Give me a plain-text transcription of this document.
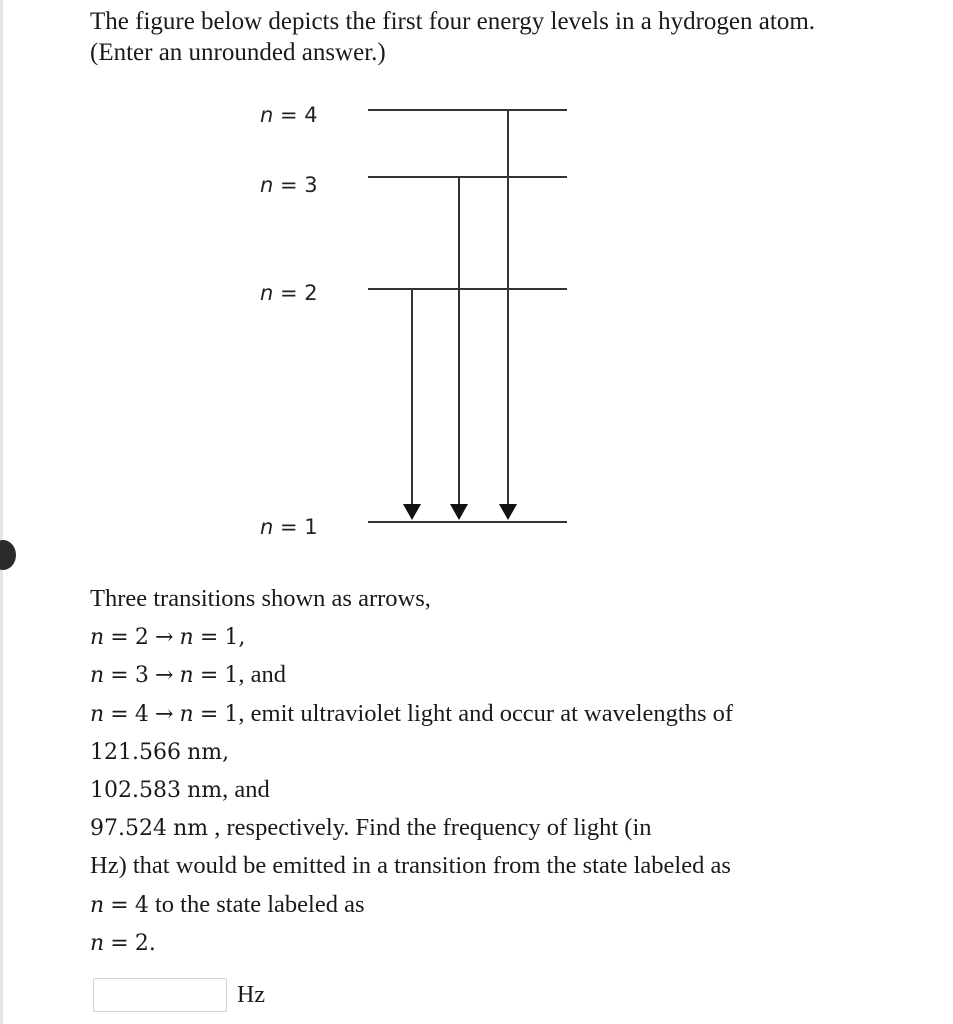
The figure below depicts the first four energy levels in a hydrogen atom.

(Enter an unrounded answer.)

n = 4
n = 3
n = 2
n = 1
Three transitions shown as arrows,
n = 2 → n = 1,
n = 3 → n = 1, and
n = 4 → n = 1, emit ultraviolet light and occur at wavelengths of
121.566 nm,
102.583 nm, and
97.524 nm , respectively. Find the frequency of light (in
Hz) that would be emitted in a transition from the state labeled as
n = 4 to the state labeled as
n = 2.
Hz
